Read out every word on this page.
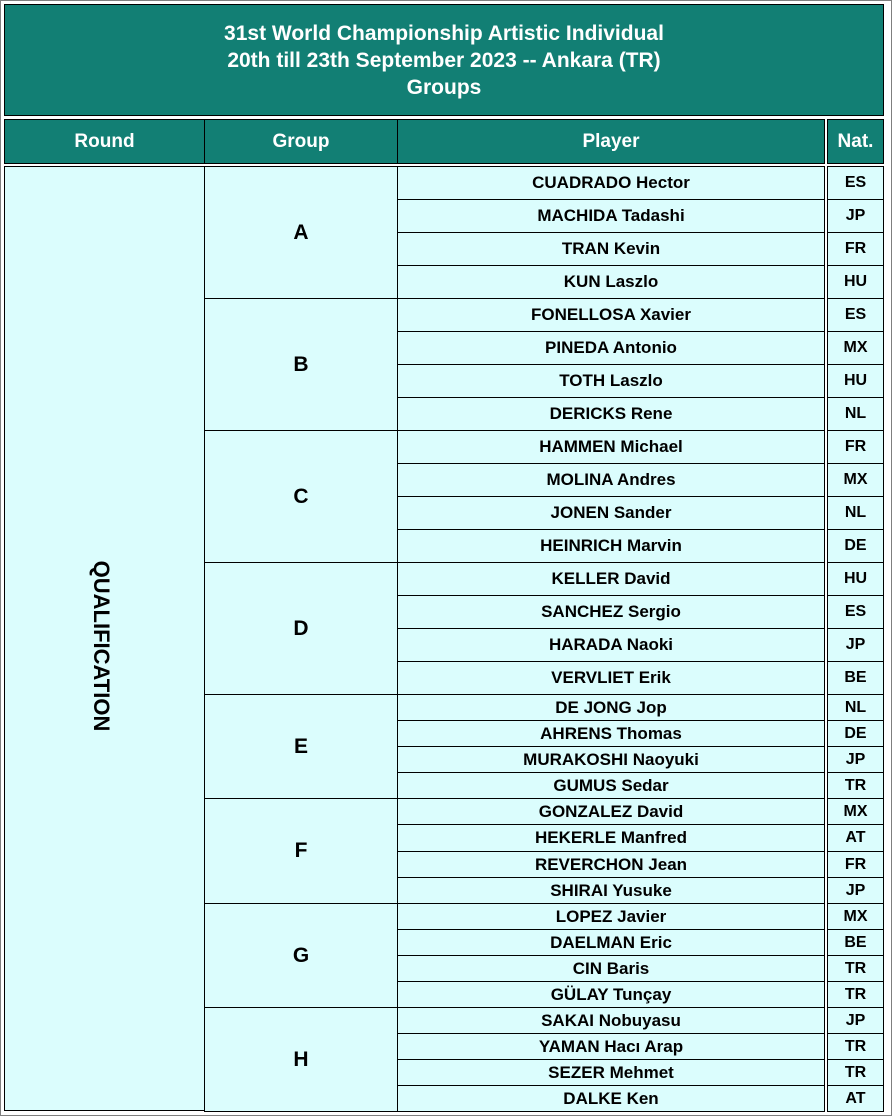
31st World Championship Artistic Individual
20th till 23th September 2023 -- Ankara (TR)
Groups
Round	Group	Player	Nat.
QUALIFICATION
A
CUADRADO Hector	ES
MACHIDA Tadashi	JP
TRAN Kevin	FR
KUN Laszlo	HU
B
FONELLOSA Xavier	ES
PINEDA Antonio	MX
TOTH Laszlo	HU
DERICKS Rene	NL
C
HAMMEN Michael	FR
MOLINA Andres	MX
JONEN Sander	NL
HEINRICH Marvin	DE
D
KELLER David	HU
SANCHEZ Sergio	ES
HARADA Naoki	JP
VERVLIET Erik	BE
E
DE JONG Jop	NL
AHRENS Thomas	DE
MURAKOSHI Naoyuki	JP
GUMUS Sedar	TR
F
GONZALEZ David	MX
HEKERLE Manfred	AT
REVERCHON Jean	FR
SHIRAI Yusuke	JP
G
LOPEZ Javier	MX
DAELMAN Eric	BE
CIN Baris	TR
GÜLAY Tunçay	TR
H
SAKAI Nobuyasu	JP
YAMAN Hacı Arap	TR
SEZER Mehmet	TR
DALKE Ken	AT
